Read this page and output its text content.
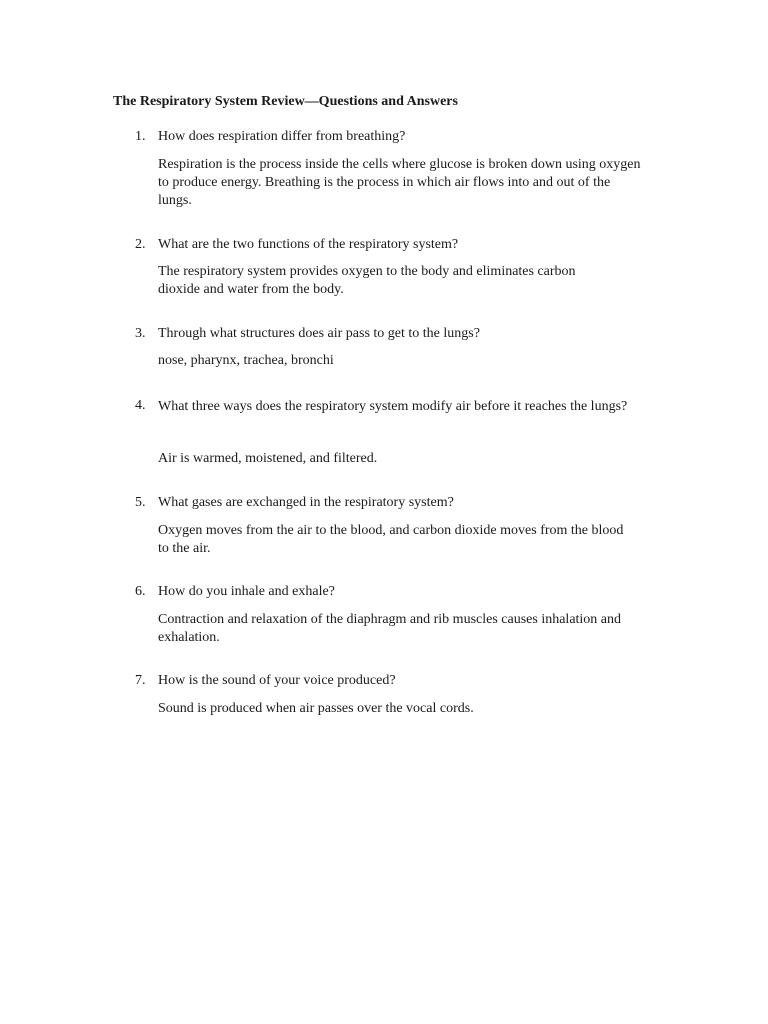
The Respiratory System Review—Questions and Answers
1. How does respiration differ from breathing?
Respiration is the process inside the cells where glucose is broken down using oxygen to produce energy. Breathing is the process in which air flows into and out of the lungs.
2. What are the two functions of the respiratory system?
The respiratory system provides oxygen to the body and eliminates carbon dioxide and water from the body.
3. Through what structures does air pass to get to the lungs?
nose, pharynx, trachea, bronchi
4. What three ways does the respiratory system modify air before it reaches the lungs?
Air is warmed, moistened, and filtered.
5. What gases are exchanged in the respiratory system?
Oxygen moves from the air to the blood, and carbon dioxide moves from the blood to the air.
6. How do you inhale and exhale?
Contraction and relaxation of the diaphragm and rib muscles causes inhalation and exhalation.
7. How is the sound of your voice produced?
Sound is produced when air passes over the vocal cords.
